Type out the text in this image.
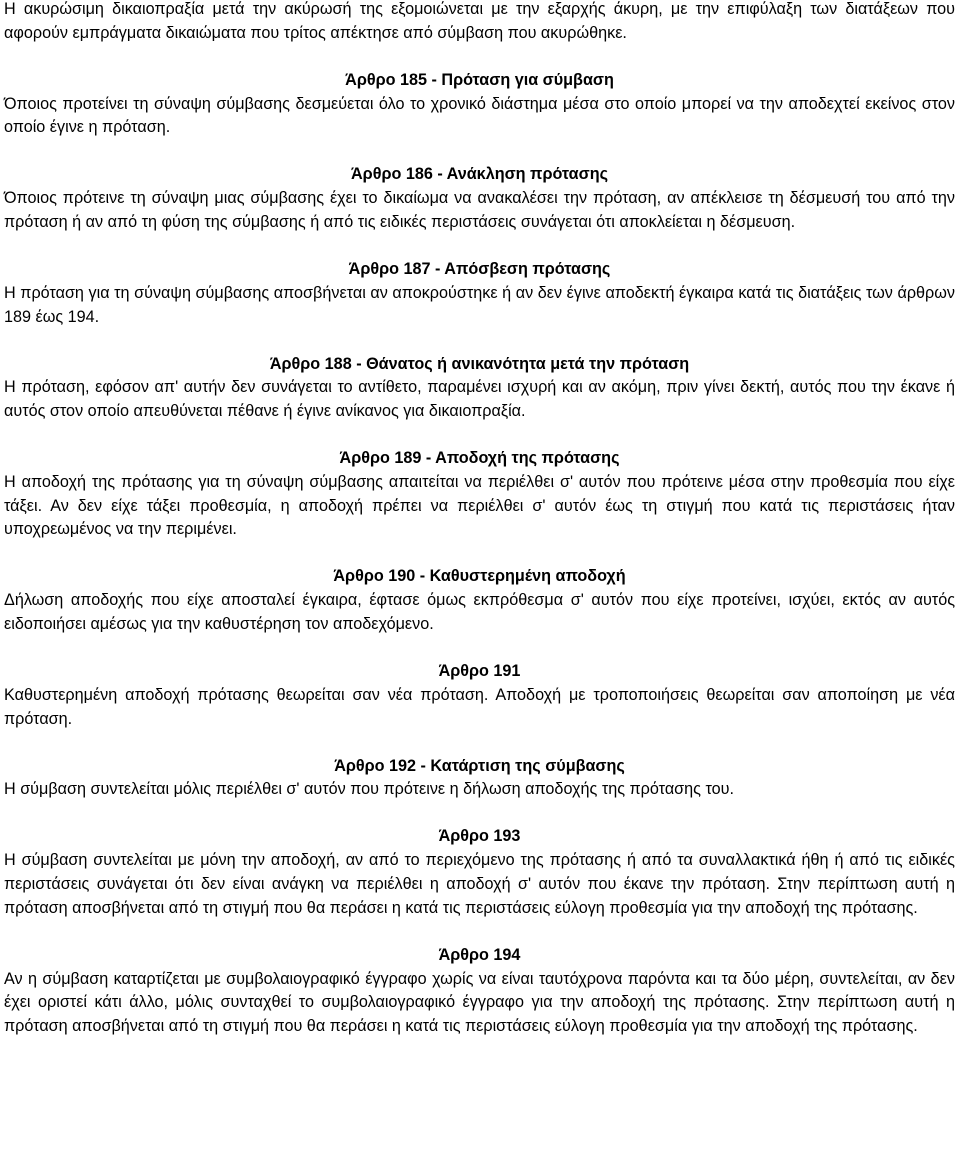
Η ακυρώσιμη δικαιοπραξία μετά την ακύρωσή της εξομοιώνεται με την εξαρχής άκυρη, με την επιφύλαξη των διατάξεων που αφορούν εμπράγματα δικαιώματα που τρίτος απέκτησε από σύμβαση που ακυρώθηκε.

Άρθρο 185 - Πρόταση για σύμβαση

Όποιος προτείνει τη σύναψη σύμβασης δεσμεύεται όλο το χρονικό διάστημα μέσα στο οποίο μπορεί να την αποδεχτεί εκείνος στον οποίο έγινε η πρόταση.

Άρθρο 186 - Ανάκληση πρότασης

Όποιος πρότεινε τη σύναψη μιας σύμβασης έχει το δικαίωμα να ανακαλέσει την πρόταση, αν απέκλεισε τη δέσμευσή του από την πρόταση ή αν από τη φύση της σύμβασης ή από τις ειδικές περιστάσεις συνάγεται ότι αποκλείεται η δέσμευση.

Άρθρο 187 - Απόσβεση πρότασης

Η πρόταση για τη σύναψη σύμβασης αποσβήνεται αν αποκρούστηκε ή αν δεν έγινε αποδεκτή έγκαιρα κατά τις διατάξεις των άρθρων 189 έως 194.

Άρθρο 188 - Θάνατος ή ανικανότητα μετά την πρόταση

Η πρόταση, εφόσον απ' αυτήν δεν συνάγεται το αντίθετο, παραμένει ισχυρή και αν ακόμη, πριν γίνει δεκτή, αυτός που την έκανε ή αυτός στον οποίο απευθύνεται πέθανε ή έγινε ανίκανος για δικαιοπραξία.

Άρθρο 189 - Αποδοχή της πρότασης

Η αποδοχή της πρότασης για τη σύναψη σύμβασης απαιτείται να περιέλθει σ' αυτόν που πρότεινε μέσα στην προθεσμία που είχε τάξει. Αν δεν είχε τάξει προθεσμία, η αποδοχή πρέπει να περιέλθει σ' αυτόν έως τη στιγμή που κατά τις περιστάσεις ήταν υποχρεωμένος να την περιμένει.

Άρθρο 190 - Καθυστερημένη αποδοχή

Δήλωση αποδοχής που είχε αποσταλεί έγκαιρα, έφτασε όμως εκπρόθεσμα σ' αυτόν που είχε προτείνει, ισχύει, εκτός αν αυτός ειδοποιήσει αμέσως για την καθυστέρηση τον αποδεχόμενο.

Άρθρο 191

Καθυστερημένη αποδοχή πρότασης θεωρείται σαν νέα πρόταση. Αποδοχή με τροποποιήσεις θεωρείται σαν αποποίηση με νέα πρόταση.

Άρθρο 192 - Κατάρτιση της σύμβασης

Η σύμβαση συντελείται μόλις περιέλθει σ' αυτόν που πρότεινε η δήλωση αποδοχής της πρότασης του.

Άρθρο 193

Η σύμβαση συντελείται με μόνη την αποδοχή, αν από το περιεχόμενο της πρότασης ή από τα συναλλακτικά ήθη ή από τις ειδικές περιστάσεις συνάγεται ότι δεν είναι ανάγκη να περιέλθει η αποδοχή σ' αυτόν που έκανε την πρόταση. Στην περίπτωση αυτή η πρόταση αποσβήνεται από τη στιγμή που θα περάσει η κατά τις περιστάσεις εύλογη προθεσμία για την αποδοχή της πρότασης.

Άρθρο 194

Αν η σύμβαση καταρτίζεται με συμβολαιογραφικό έγγραφο χωρίς να είναι ταυτόχρονα παρόντα και τα δύο μέρη, συντελείται, αν δεν έχει οριστεί κάτι άλλο, μόλις συνταχθεί το συμβολαιογραφικό έγγραφο για την αποδοχή της πρότασης. Στην περίπτωση αυτή η πρόταση αποσβήνεται από τη στιγμή που θα περάσει η κατά τις περιστάσεις εύλογη προθεσμία για την αποδοχή της πρότασης.
